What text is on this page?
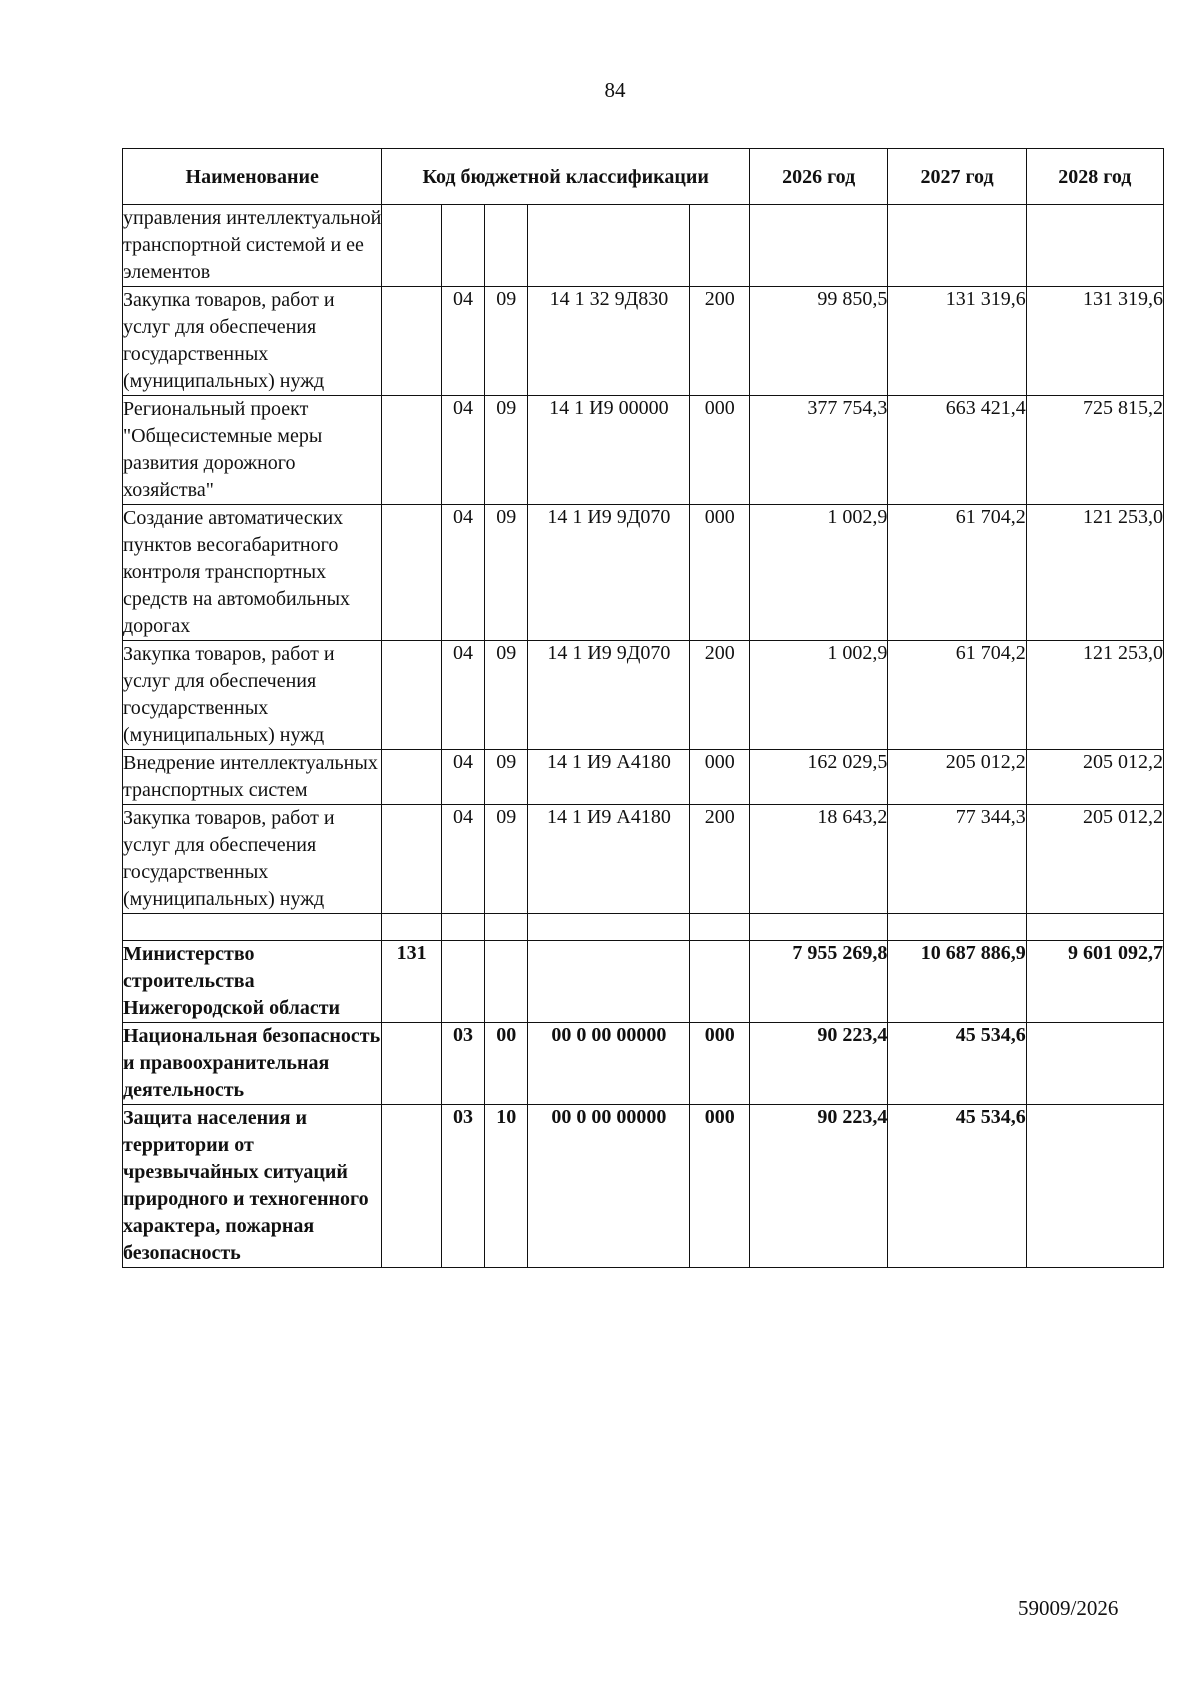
84
Наименование	Код бюджетной классификации					2026 год	2027 год	2028 год
управления интеллектуальной транспортной системой и ее элементов								
Закупка товаров, работ и услуг для обеспечения государственных (муниципальных) нужд		04	09	14 1 32 9Д830	200	99 850,5	131 319,6	131 319,6
Региональный проект "Общесистемные меры развития дорожного хозяйства"		04	09	14 1 И9 00000	000	377 754,3	663 421,4	725 815,2
Создание автоматических пунктов весогабаритного контроля транспортных средств на автомобильных дорогах		04	09	14 1 И9 9Д070	000	1 002,9	61 704,2	121 253,0
Закупка товаров, работ и услуг для обеспечения государственных (муниципальных) нужд		04	09	14 1 И9 9Д070	200	1 002,9	61 704,2	121 253,0
Внедрение интеллектуальных транспортных систем		04	09	14 1 И9 А4180	000	162 029,5	205 012,2	205 012,2
Закупка товаров, работ и услуг для обеспечения государственных (муниципальных) нужд		04	09	14 1 И9 А4180	200	18 643,2	77 344,3	205 012,2

Министерство строительства Нижегородской области	131					7 955 269,8	10 687 886,9	9 601 092,7
Национальная безопасность и правоохранительная деятельность		03	00	00 0 00 00000	000	90 223,4	45 534,6	
Защита населения и территории от чрезвычайных ситуаций природного и техногенного характера, пожарная безопасность		03	10	00 0 00 00000	000	90 223,4	45 534,6	
59009/2026
